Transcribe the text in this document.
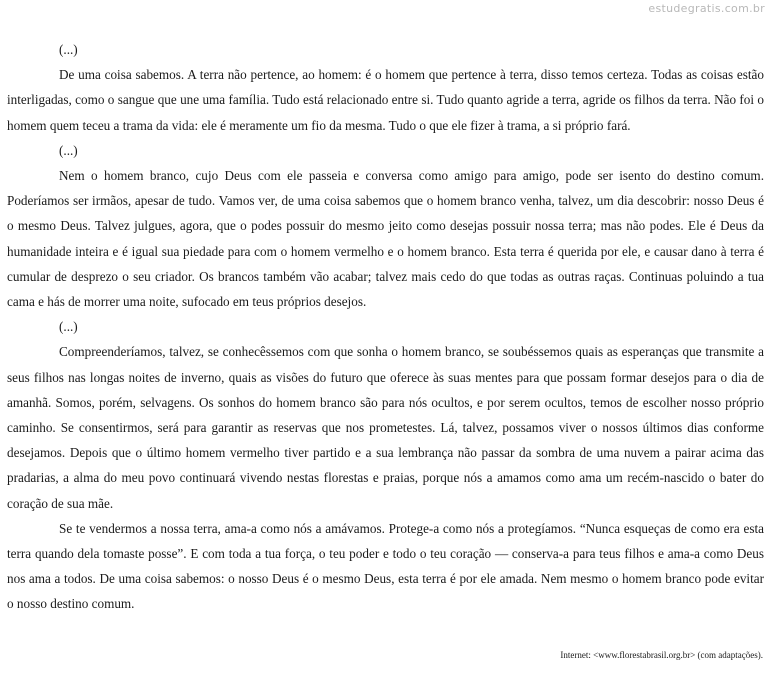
estudegratis.com.br

(...)

De uma coisa sabemos. A terra não pertence, ao homem: é o homem que pertence à terra, disso temos certeza. Todas as coisas estão interligadas, como o sangue que une uma família. Tudo está relacionado entre si. Tudo quanto agride a terra, agride os filhos da terra. Não foi o homem quem teceu a trama da vida: ele é meramente um fio da mesma. Tudo o que ele fizer à trama, a si próprio fará.

(...)

Nem o homem branco, cujo Deus com ele passeia e conversa como amigo para amigo, pode ser isento do destino comum. Poderíamos ser irmãos, apesar de tudo. Vamos ver, de uma coisa sabemos que o homem branco venha, talvez, um dia descobrir: nosso Deus é o mesmo Deus. Talvez julgues, agora, que o podes possuir do mesmo jeito como desejas possuir nossa terra; mas não podes. Ele é Deus da humanidade inteira e é igual sua piedade para com o homem vermelho e o homem branco. Esta terra é querida por ele, e causar dano à terra é cumular de desprezo o seu criador. Os brancos também vão acabar; talvez mais cedo do que todas as outras raças. Continuas poluindo a tua cama e hás de morrer uma noite, sufocado em teus próprios desejos.

(...)

Compreenderíamos, talvez, se conhecêssemos com que sonha o homem branco, se soubéssemos quais as esperanças que transmite a seus filhos nas longas noites de inverno, quais as visões do futuro que oferece às suas mentes para que possam formar desejos para o dia de amanhã. Somos, porém, selvagens. Os sonhos do homem branco são para nós ocultos, e por serem ocultos, temos de escolher nosso próprio caminho. Se consentirmos, será para garantir as reservas que nos prometestes. Lá, talvez, possamos viver o nossos últimos dias conforme desejamos. Depois que o último homem vermelho tiver partido e a sua lembrança não passar da sombra de uma nuvem a pairar acima das pradarias, a alma do meu povo continuará vivendo nestas florestas e praias, porque nós a amamos como ama um recém-nascido o bater do coração de sua mãe.

Se te vendermos a nossa terra, ama-a como nós a amávamos. Protege-a como nós a protegíamos. “Nunca esqueças de como era esta terra quando dela tomaste posse”. E com toda a tua força, o teu poder e todo o teu coração — conserva-a para teus filhos e ama-a como Deus nos ama a todos. De uma coisa sabemos: o nosso Deus é o mesmo Deus, esta terra é por ele amada. Nem mesmo o homem branco pode evitar o nosso destino comum.

Internet: <www.florestabrasil.org.br> (com adaptações).
